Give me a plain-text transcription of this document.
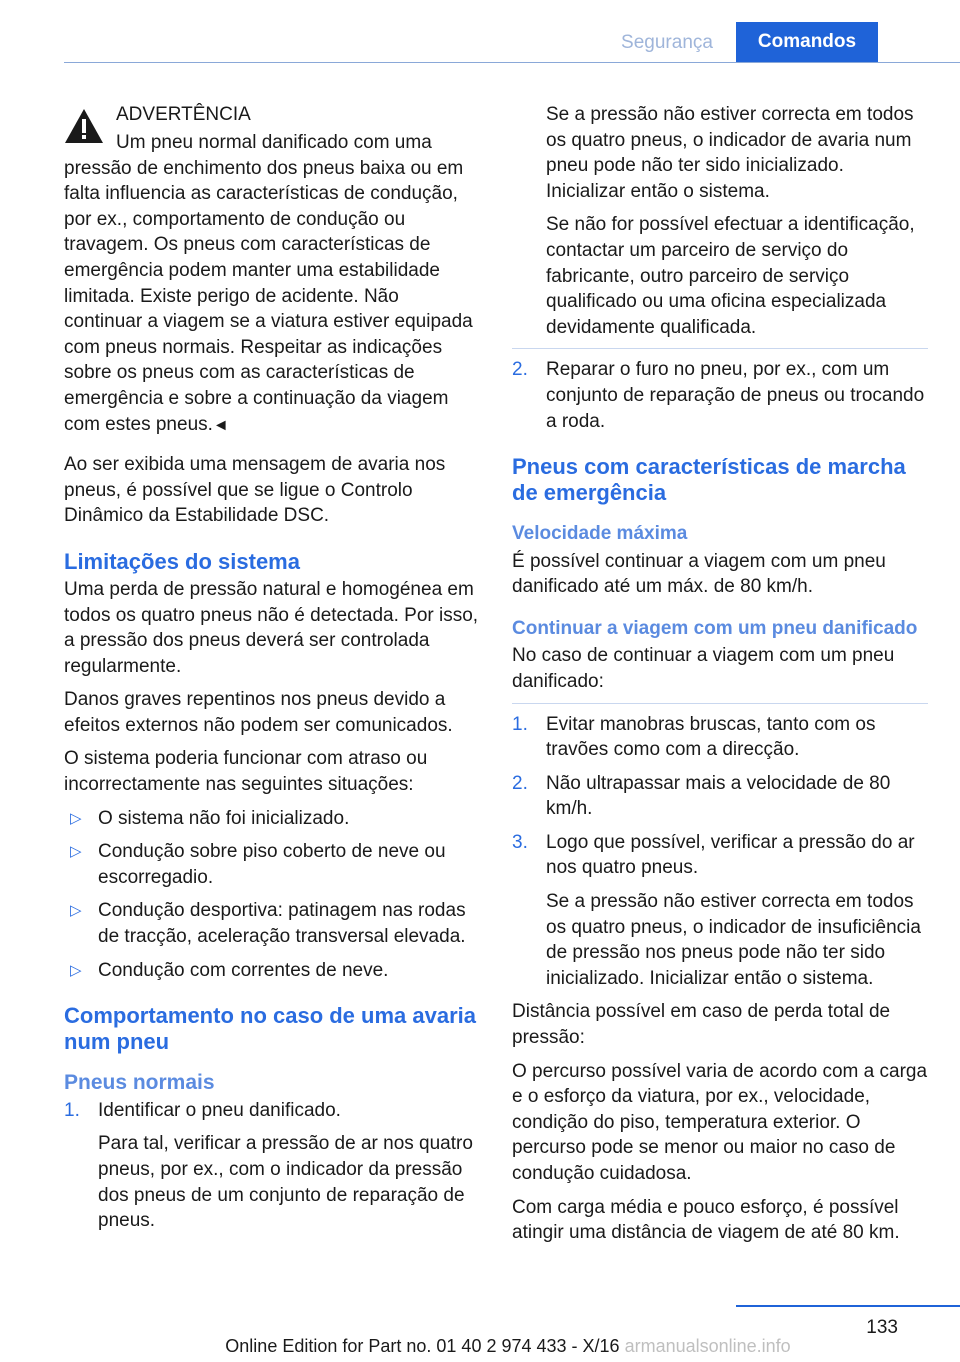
Segurança	Comandos

ADVERTÊNCIA

Um pneu normal danificado com uma pressão de enchimento dos pneus baixa ou em falta influencia as características de condução, por ex., comportamento de condução ou travagem. Os pneus com características de emergência podem manter uma estabilidade limitada. Existe perigo de acidente. Não continuar a viagem se a viatura estiver equipada com pneus normais. Respeitar as indicações sobre os pneus com as características de emergência e sobre a continuação da viagem com estes pneus.◄

Ao ser exibida uma mensagem de avaria nos pneus, é possível que se ligue o Controlo Dinâmico da Estabilidade DSC.

Limitações do sistema

Uma perda de pressão natural e homogénea em todos os quatro pneus não é detectada. Por isso, a pressão dos pneus deverá ser controlada regularmente.

Danos graves repentinos nos pneus devido a efeitos externos não podem ser comunicados.

O sistema poderia funcionar com atraso ou incorrectamente nas seguintes situações:

▷ O sistema não foi inicializado.
▷ Condução sobre piso coberto de neve ou escorregadio.
▷ Condução desportiva: patinagem nas rodas de tracção, aceleração transversal elevada.
▷ Condução com correntes de neve.
Comportamento no caso de uma avaria num pneu
Pneus normais
1. Identificar o pneu danificado.

Para tal, verificar a pressão de ar nos quatro pneus, por ex., com o indicador da pressão dos pneus de um conjunto de reparação de pneus.

Se a pressão não estiver correcta em todos os quatro pneus, o indicador de avaria num pneu pode não ter sido inicializado. Inicializar então o sistema.

Se não for possível efectuar a identificação, contactar um parceiro de serviço do fabricante, outro parceiro de serviço qualificado ou uma oficina especializada devidamente qualificada.

2. Reparar o furo no pneu, por ex., com um conjunto de reparação de pneus ou trocando a roda.
Pneus com características de marcha de emergência
Velocidade máxima

É possível continuar a viagem com um pneu danificado até um máx. de 80 km/h.

Continuar a viagem com um pneu danificado

No caso de continuar a viagem com um pneu danificado:

1. Evitar manobras bruscas, tanto com os travões como com a direcção.
2. Não ultrapassar mais a velocidade de 80 km/h.
3. Logo que possível, verificar a pressão do ar nos quatro pneus.

Se a pressão não estiver correcta em todos os quatro pneus, o indicador de insuficiência de pressão nos pneus pode não ter sido inicializado. Inicializar então o sistema.

Distância possível em caso de perda total de pressão:

O percurso possível varia de acordo com a carga e o esforço da viatura, por ex., velocidade, condição do piso, temperatura exterior. O percurso pode se menor ou maior no caso de condução cuidadosa.

Com carga média e pouco esforço, é possível atingir uma distância de viagem de até 80 km.

133
Online Edition for Part no. 01 40 2 974 433 - X/16 armanualsonline.info
